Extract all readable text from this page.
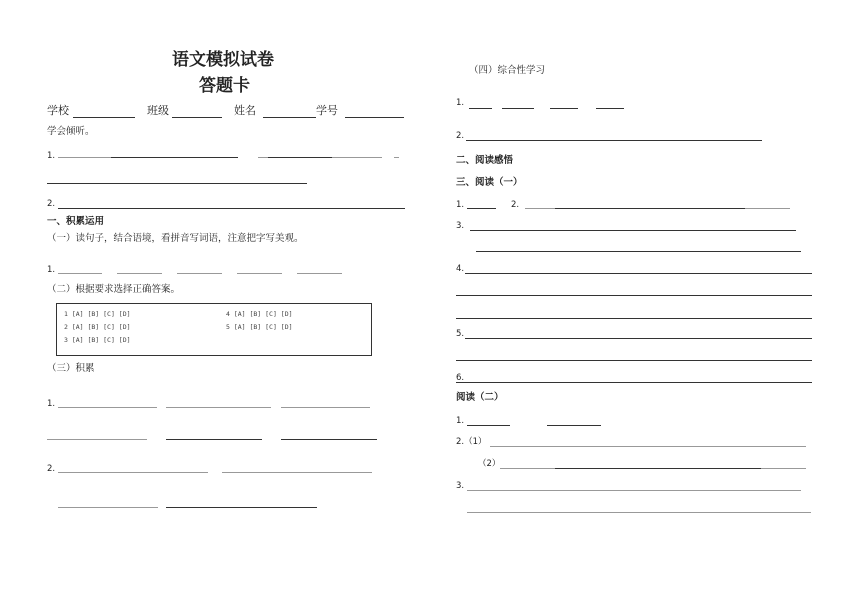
语文模拟试卷
答题卡
学校	班级	姓名	学号
学会倾听。
1.
2.
一、积累运用
（一）读句子，结合语境，看拼音写词语，注意把字写美观。
1.
（二）根据要求选择正确答案。
1 [A] [B] [C] [D]
2 [A] [B] [C] [D]
3 [A] [B] [C] [D]
4 [A] [B] [C] [D]
5 [A] [B] [C] [D]
（三）积累
1.
2.
（四）综合性学习
1.
2.
二、阅读感悟
三、阅读（一）
1.	2.
3.
4.
5.
6.
阅读（二）
1.
2.（1）
（2）
3.
